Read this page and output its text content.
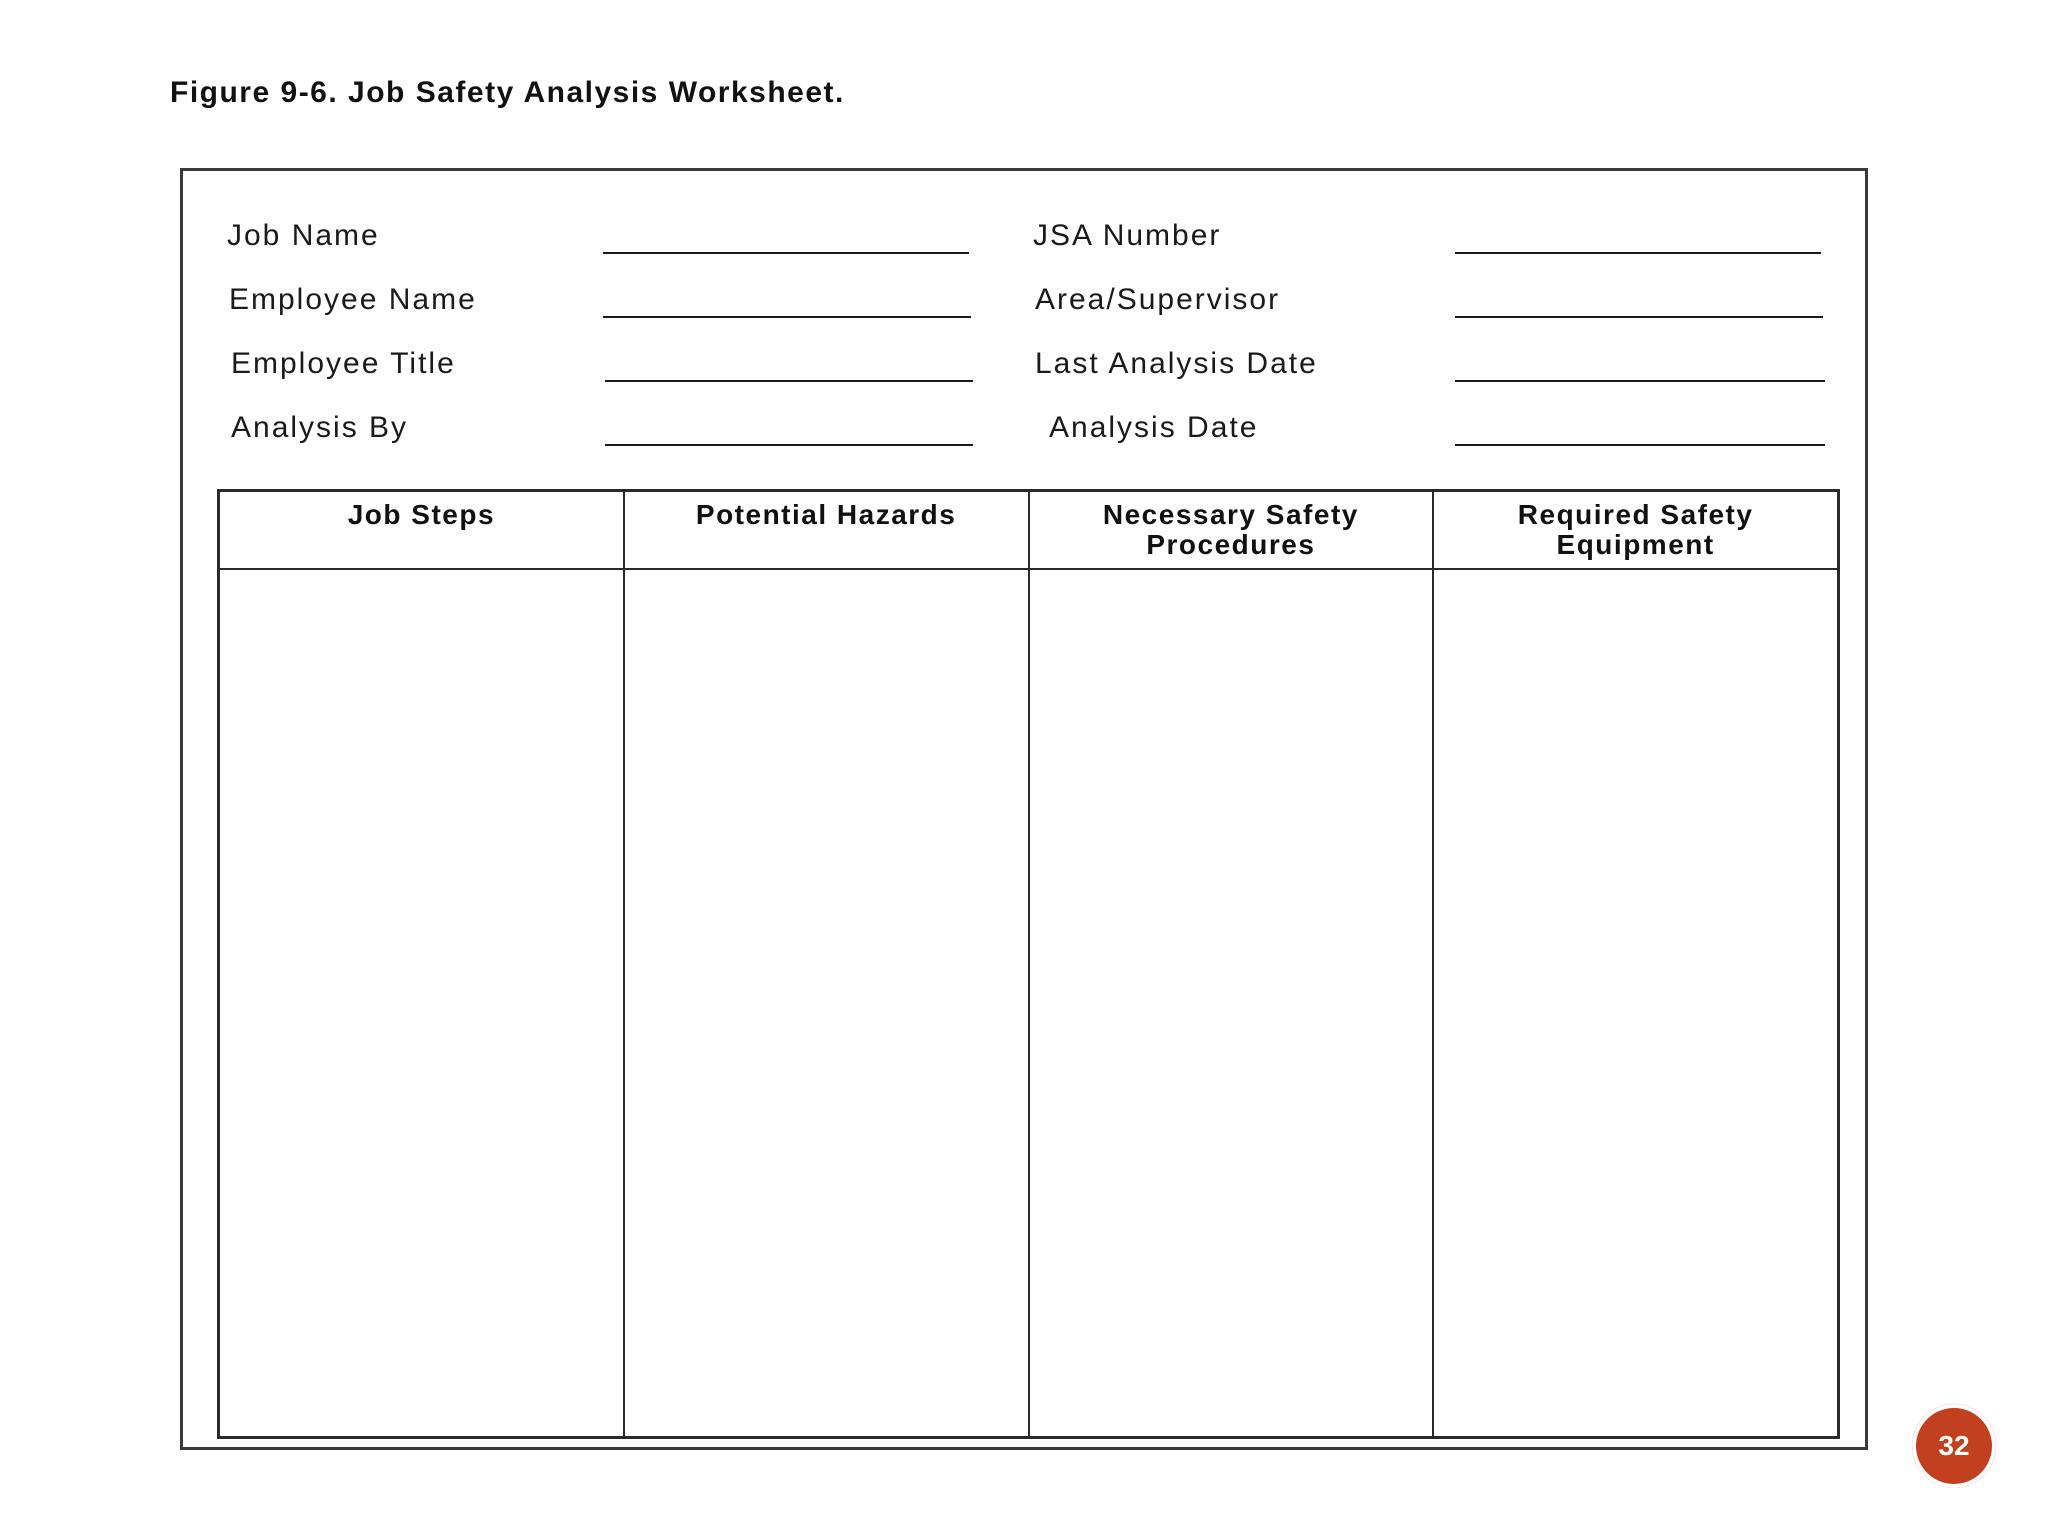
Figure 9-6. Job Safety Analysis Worksheet.
Job Name
Employee Name
Employee Title
Analysis By
JSA Number
Area/Supervisor
Last Analysis Date
Analysis Date
Job Steps	Potential Hazards	Necessary Safety Procedures
Required Safety Equipment
32
